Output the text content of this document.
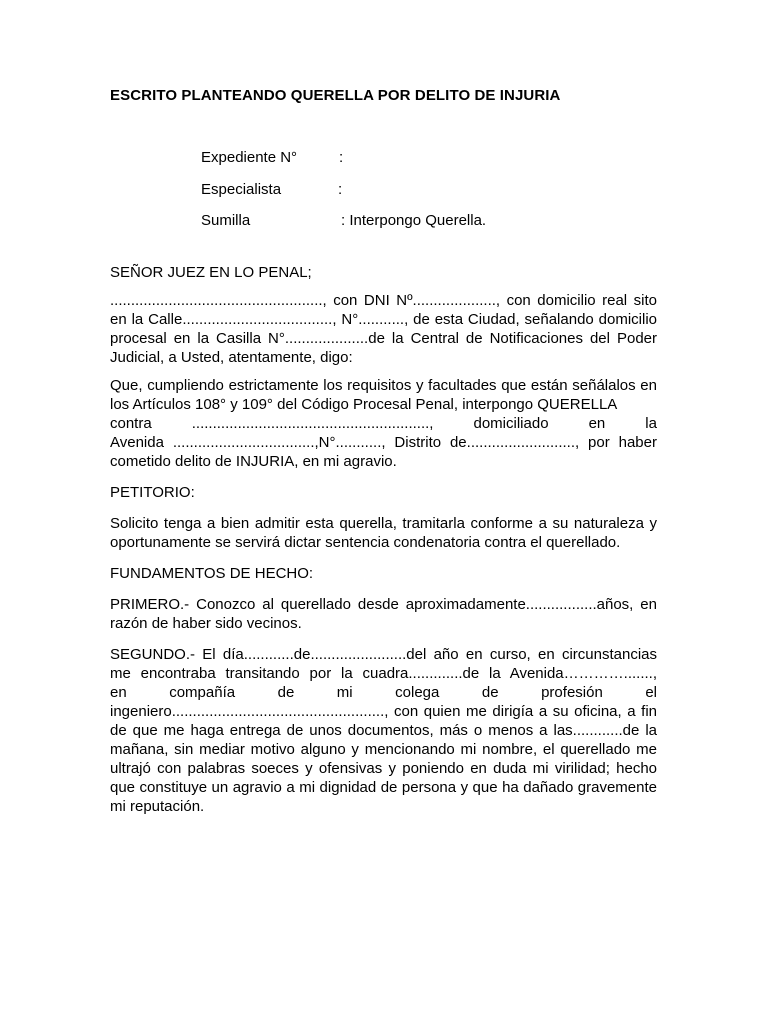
ESCRITO PLANTEANDO QUERELLA POR DELITO DE INJURIA
Expediente N°	:
Especialista	:
Sumilla	: Interpongo Querella.

SEÑOR JUEZ EN LO PENAL;

..................................................., con DNI Nº...................., con domicilio real sito en la Calle...................................., N°..........., de esta Ciudad, señalando domicilio procesal en la Casilla N°....................de la Central de Notificaciones del Poder Judicial, a Usted, atentamente, digo:

Que, cumpliendo estrictamente los requisitos y facultades que están señálalos en los Artículos 108° y 109° del Código Procesal Penal, interpongo QUERELLA
contra ........................................................., domiciliado en la
Avenida ..................................,N°..........., Distrito de.........................., por haber cometido delito de INJURIA, en mi agravio.

PETITORIO:

Solicito tenga a bien admitir esta querella, tramitarla conforme a su naturaleza y oportunamente se servirá dictar sentencia condenatoria contra el querellado.

FUNDAMENTOS DE HECHO:

PRIMERO.- Conozco al querellado desde aproximadamente.................años, en razón de haber sido vecinos.

SEGUNDO.- El día............de.......................del año en curso, en circunstancias me encontraba transitando por la cuadra.............de la Avenida………….......,
en compañía de mi colega de profesión el
ingeniero..................................................., con quien me dirigía a su oficina, a fin de que me haga entrega de unos documentos, más o menos a las............de la mañana, sin mediar motivo alguno y mencionando mi nombre, el querellado me ultrajó con palabras soeces y ofensivas y poniendo en duda mi virilidad; hecho que constituye un agravio a mi dignidad de persona y que ha dañado gravemente mi reputación.
